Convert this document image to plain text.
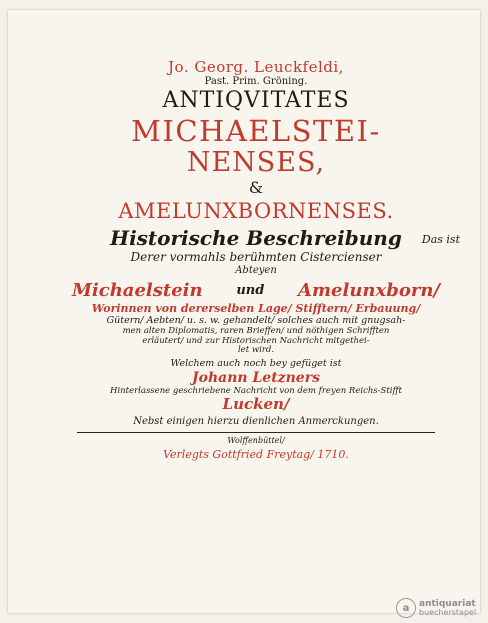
Jo. Georg. Leuckfeldi,
Past. Prim. Gröning.
ANTIQVITATES
MICHAELSTEI-
NENSES,
&
AMELUNXBORNENSES.
Das ist
Historische Beschreibung
Derer vormahls berühmten Cistercienser
Abteyen
Michaelstein	und Amelunxborn/
Worinnen von dererselben Lage/ Stifftern/ Erbauung/
Gütern/ Aebten/ u. s. w. gehandelt/ solches auch mit gnugsah-
men alten Diplomatis, raren Brieffen/ und nöthigen Schrifften
erläutert/ und zur Historischen Nachricht mitgethei-
let wird.
Welchem auch noch bey gefüget ist
Johann Letzners
Hinterlassene geschriebene Nachricht von dem freyen Reichs-Stifft
Lucken/
Nebst einigen hierzu dienlichen Anmerckungen.
Wolffenbüttel/
Verlegts Gottfried Freytag/ 1710.
a	antiquariat
buecherstapel
